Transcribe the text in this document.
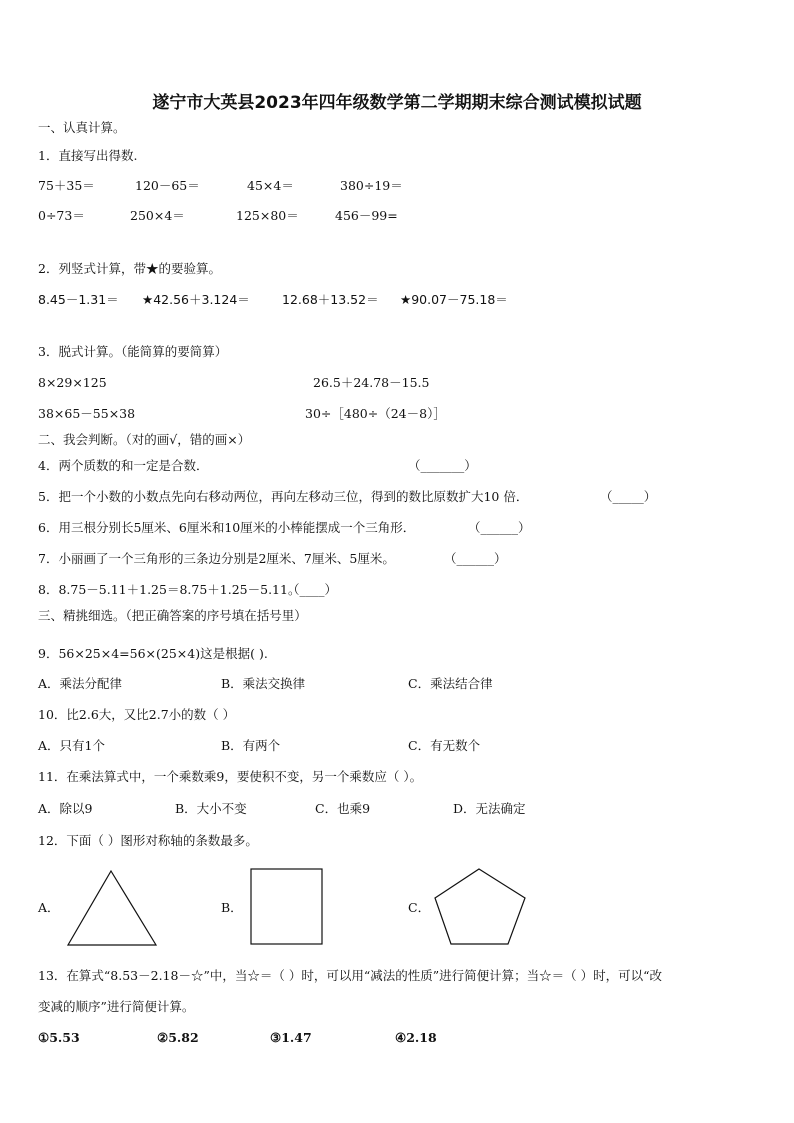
遂宁市大英县2023年四年级数学第二学期期末综合测试模拟试题
一、认真计算。
1．直接写出得数.
75＋35＝	120－65＝	45×4＝	380÷19＝
0÷73＝	250×4＝	125×80＝	456－99=
2．列竖式计算，带★的要验算。
8.45－1.31＝ ★42.56＋3.124＝	12.68＋13.52＝ ★90.07－75.18＝
3．脱式计算。（能简算的要简算）
8×29×125	26.5＋24.78－15.5
38×65－55×38	30÷［480÷（24－8）］
二、我会判断。（对的画√，错的画×）
4．两个质数的和一定是合数．	（_______）
5．把一个小数的小数点先向右移动两位，再向左移动三位，得到的数比原数扩大10 倍．	（_____）
6．用三根分别长5厘米、6厘米和10厘米的小棒能摆成一个三角形．	（______）
7．小丽画了一个三角形的三条边分别是2厘米、7厘米、5厘米。	（______）
8．8.75－5.11＋1.25＝8.75＋1.25－5.11。
（____）
三、精挑细选。（把正确答案的序号填在括号里）
9．56×25×4=56×(25×4)这是根据( ).
A．乘法分配律	B．乘法交换律	C．乘法结合律
10．比2.6大，又比2.7小的数（ ）
A．只有1个	B．有两个	C．有无数个
11．在乘法算式中，一个乘数乘9，要使积不变，另一个乘数应（ ）。
A．除以9	B．大小不变	C．也乘9	D．无法确定
12．下面（ ）图形对称轴的条数最多。
A．	B．	C．
13．在算式“8.53－2.18－☆”中，当☆＝（ ）时，可以用“减法的性质”进行简便计算；当☆＝（ ）时，可以“改
变减的顺序”进行简便计算。
①5.53	②5.82	③1.47	④2.18
